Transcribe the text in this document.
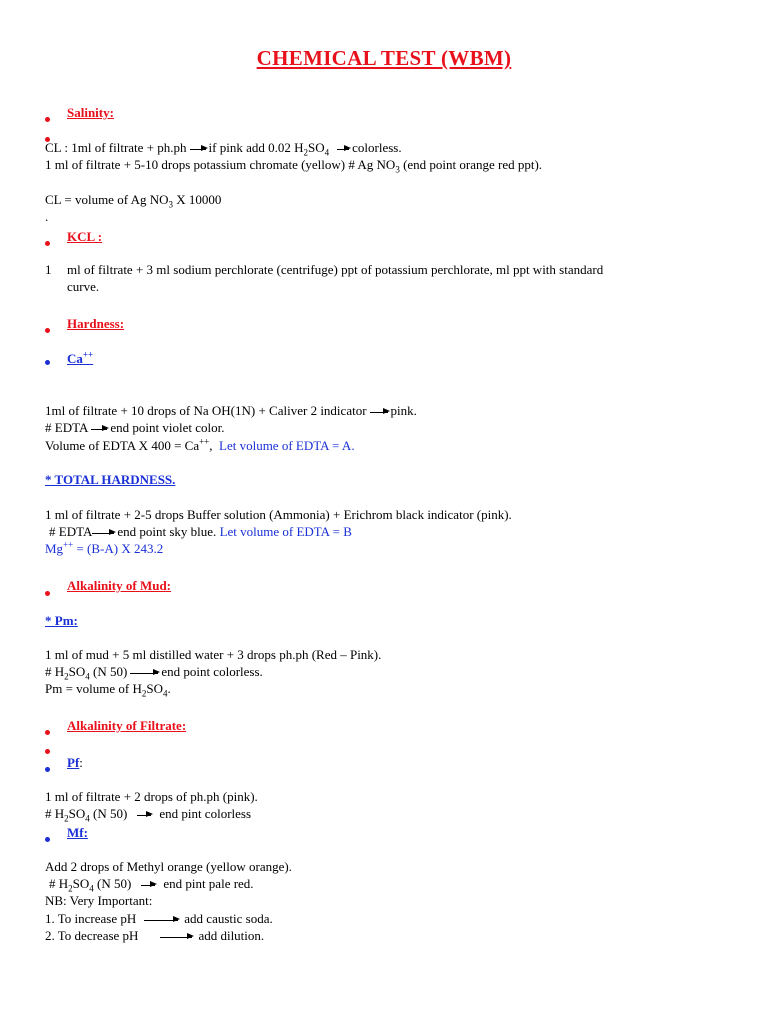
CHEMICAL TEST (WBM)
Salinity:
CL : 1ml of filtrate + ph.ph if pink add 0.02 $H_2SO_4$ colorless.
1 ml of filtrate + 5-10 drops potassium chromate (yellow) # Ag $NO_3$ (end point orange red ppt).
CL = volume of Ag $NO_3$ X 10000
.
KCL :
1 ml of filtrate + 3 ml sodium perchlorate (centrifuge) ppt of potassium perchlorate, ml ppt with standard
curve.
Hardness:
Ca++
1ml of filtrate + 10 drops of Na OH(1N) + Caliver 2 indicator pink.
# EDTA end point violet color.
Volume of EDTA X 400 = Ca++, Let volume of EDTA = A.
* TOTAL HARDNESS.
1 ml of filtrate + 2-5 drops Buffer solution (Ammonia) + Erichrom black indicator (pink).
# EDTA end point sky blue. Let volume of EDTA = B
Mg++ = (B-A) X 243.2
Alkalinity of Mud:
* Pm:
1 ml of mud + 5 ml distilled water + 3 drops ph.ph (Red – Pink).
# $H_2SO_4$ (N 50)	end point colorless.
Pm = volume of $H_2SO_4$.
Alkalinity of Filtrate:
Pf:
1 ml of filtrate + 2 drops of ph.ph (pink).
# $H_2SO_4$ (N 50) end pint colorless
Mf:
Add 2 drops of Methyl orange (yellow orange).
# $H_2SO_4$ (N 50) end pint pale red.
NB: Very Important:
1. To increase pH	add caustic soda.
2. To decrease pH	add dilution.
